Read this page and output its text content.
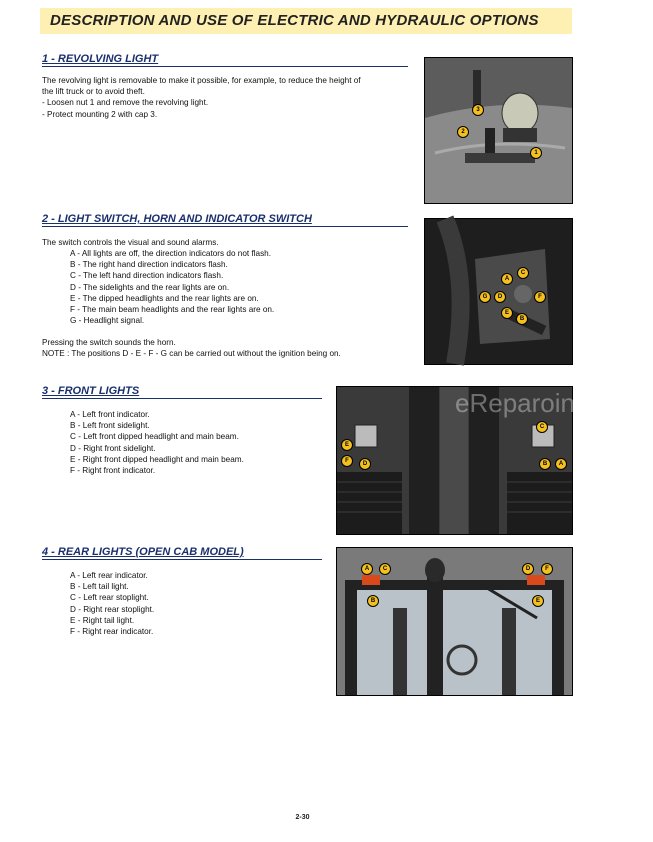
DESCRIPTION AND USE OF ELECTRIC AND HYDRAULIC OPTIONS
1 - REVOLVING LIGHT
The revolving light is removable to make it possible, for example, to reduce the height of
the lift truck or to avoid theft.
- Loosen nut 1 and remove the revolving light.
- Protect mounting 2 with cap 3.	3
2
1
2 - LIGHT SWITCH, HORN AND INDICATOR SWITCH
The switch controls the visual and sound alarms.
A - All lights are off, the direction indicators do not flash.
B - The right hand direction indicators flash.
C - The left hand direction indicators flash.
D - The sidelights and the rear lights are on.
E - The dipped headlights and the rear lights are on.
F - The main beam headlights and the rear lights are on.
G - Headlight signal.
Pressing the switch sounds the horn.
NOTE : The positions D - E - F - G can be carried out without the ignition being on.
A
C
D
G	F
E
B
3 - FRONT LIGHTS
A - Left front indicator.
B - Left front sidelight.
C - Left front dipped headlight and main beam.
D - Right front sidelight.
E - Right front dipped headlight and main beam.
F - Right front indicator.
E
F	D
C
B	A
eReparoinfo.com
4 - REAR LIGHTS (OPEN CAB MODEL)
A - Left rear indicator.
B - Left tail light.
C - Left rear stoplight.
D - Right rear stoplight.
E - Right tail light.
F - Right rear indicator.
A	C
B
D	F
E
2-30
